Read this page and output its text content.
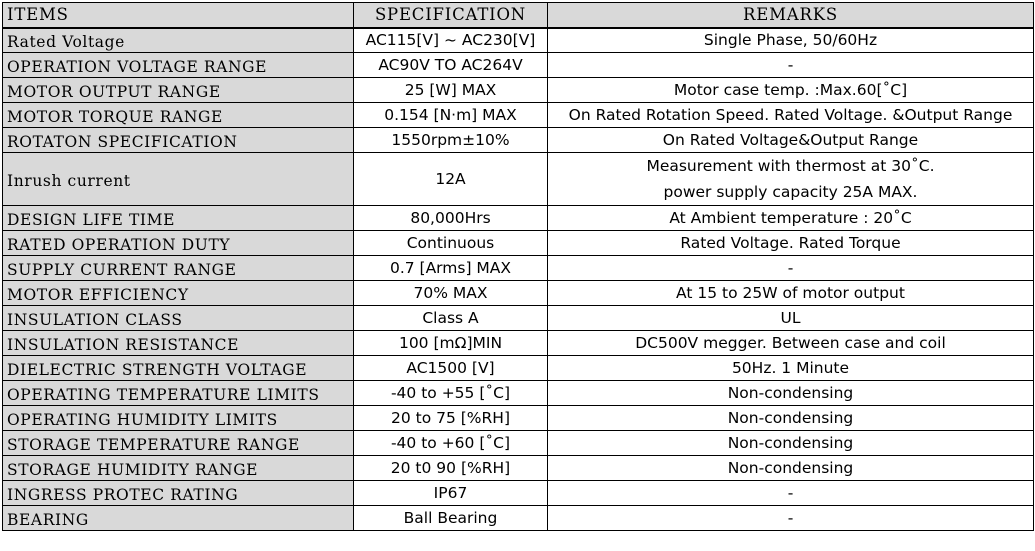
ITEMS	SPECIFICATION	REMARKS
Rated Voltage	AC115[V] ~ AC230[V]	Single Phase, 50/60Hz
OPERATION VOLTAGE RANGE	AC90V TO AC264V	-
MOTOR OUTPUT RANGE	25 [W] MAX	Motor case temp. :Max.60[˚C]
MOTOR TORQUE RANGE	0.154 [N·m] MAX	On Rated Rotation Speed. Rated Voltage. &Output Range
ROTATON SPECIFICATION	1550rpm±10%	On Rated Voltage&Output Range
Inrush current	12A	Measurement with thermost at 30˚C.
power supply capacity 25A MAX.

DESIGN LIFE TIME	80,000Hrs	At Ambient temperature : 20˚C
RATED OPERATION DUTY	Continuous	Rated Voltage. Rated Torque
SUPPLY CURRENT RANGE	0.7 [Arms] MAX	-
MOTOR EFFICIENCY	70% MAX	At 15 to 25W of motor output
INSULATION CLASS	Class A	UL
INSULATION RESISTANCE	100 [mΩ]MIN	DC500V megger. Between case and coil
DIELECTRIC STRENGTH VOLTAGE	AC1500 [V]	50Hz. 1 Minute
OPERATING TEMPERATURE LIMITS	-40 to +55 [˚C]	Non-condensing
OPERATING HUMIDITY LIMITS	20 to 75 [%RH]	Non-condensing
STORAGE TEMPERATURE RANGE	-40 to +60 [˚C]	Non-condensing
STORAGE HUMIDITY RANGE	20 t0 90 [%RH]	Non-condensing
INGRESS PROTEC RATING	IP67	-
BEARING	Ball Bearing	-
